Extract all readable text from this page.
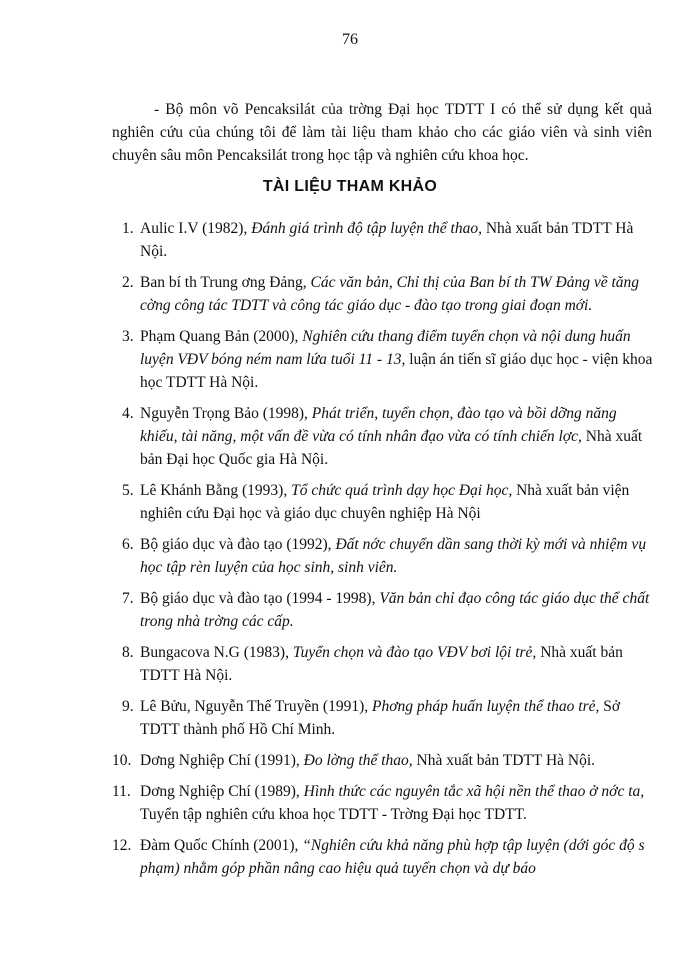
76

- Bộ môn võ Pencaksilát của trờng Đại học TDTT I có thể sử dụng kết quả nghiên cứu của chúng tôi để làm tài liệu tham khảo cho các giáo viên và sinh viên chuyên sâu môn Pencaksilát trong học tập và nghiên cứu khoa học.

TÀI LIỆU THAM KHẢO
1. Aulic I.V (1982), Đánh giá trình độ tập luyện thể thao, Nhà xuất bản TDTT Hà Nội.
2. Ban bí th Trung ơng Đảng, Các văn bản, Chỉ thị của Ban bí th TW Đảng về tăng cờng công tác TDTT và công tác giáo dục - đào tạo trong giai đoạn mới.
3. Phạm Quang Bản (2000), Nghiên cứu thang điểm tuyển chọn và nội dung huấn luyện VĐV bóng ném nam lứa tuổi 11 - 13, luận án tiến sĩ giáo dục học - viện khoa học TDTT Hà Nội.
4. Nguyễn Trọng Bảo (1998), Phát triển, tuyển chọn, đào tạo và bồi dỡng năng khiếu, tài năng, một vấn đề vừa có tính nhân đạo vừa có tính chiến lợc, Nhà xuất bản Đại học Quốc gia Hà Nội.
5. Lê Khánh Bằng (1993), Tổ chức quá trình dạy học Đại học, Nhà xuất bản viện nghiên cứu Đại học và giáo dục chuyên nghiệp Hà Nội
6. Bộ giáo dục và đào tạo (1992), Đất nớc chuyển dần sang thời kỳ mới và nhiệm vụ học tập rèn luyện của học sinh, sinh viên.
7. Bộ giáo dục và đào tạo (1994 - 1998), Văn bản chỉ đạo công tác giáo dục thể chất trong nhà trờng các cấp.
8. Bungacova N.G (1983), Tuyển chọn và đào tạo VĐV bơi lội trẻ, Nhà xuất bản TDTT Hà Nội.
9. Lê Bửu, Nguyễn Thế Truyền (1991), Phơng pháp huấn luyện thể thao trẻ, Sở TDTT thành phố Hồ Chí Minh.
10. Dơng Nghiệp Chí (1991), Đo lờng thể thao, Nhà xuất bản TDTT Hà Nội.
11. Dơng Nghiệp Chí (1989), Hình thức các nguyên tắc xã hội nền thể thao ở nớc ta, Tuyển tập nghiên cứu khoa học TDTT - Trờng Đại học TDTT.
12. Đàm Quốc Chính (2001), “Nghiên cứu khả năng phù hợp tập luyện (dới góc độ s phạm) nhằm góp phần nâng cao hiệu quả tuyển chọn và dự báo
